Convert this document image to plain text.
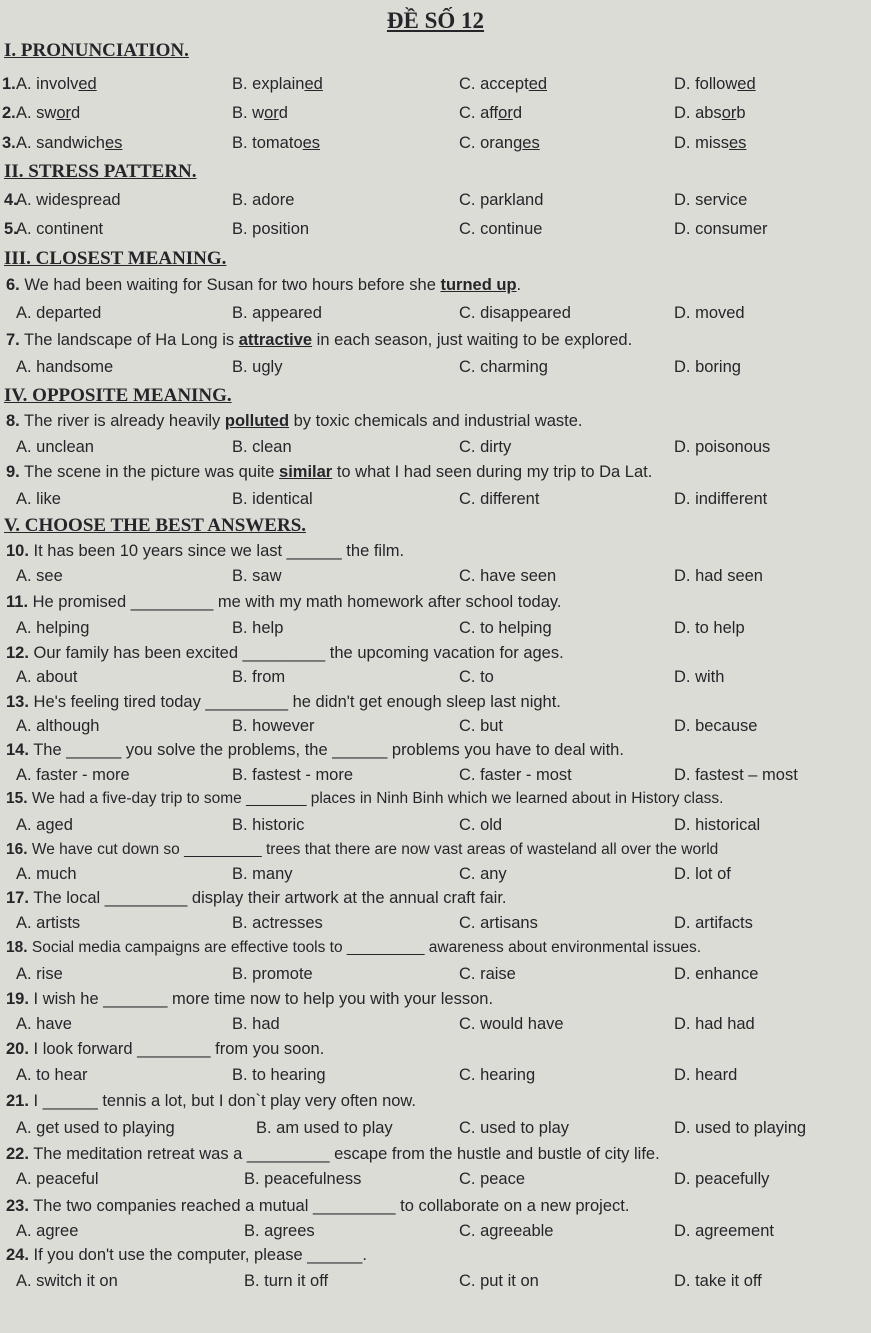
ĐỀ SỐ 12
I. PRONUNCIATION.
1. A. involved	B. explained	C. accepted	D. followed
2. A. sword	B. word	C. afford	D. absorb
3. A. sandwiches	B. tomatoes	C. oranges	D. misses
II. STRESS PATTERN.
4.
A. widespread	B. adore	C. parkland	D. service
5.
A. continent	B. position	C. continue	D. consumer
III. CLOSEST MEANING.
6. We had been waiting for Susan for two hours before she turned up.
A. departed	B. appeared	C. disappeared	D. moved
7. The landscape of Ha Long is attractive in each season, just waiting to be explored.
A. handsome	B. ugly	C. charming	D. boring
IV. OPPOSITE MEANING.
8. The river is already heavily polluted by toxic chemicals and industrial waste.
A. unclean	B. clean	C. dirty	D. poisonous
9. The scene in the picture was quite similar to what I had seen during my trip to Da Lat.
A. like	B. identical	C. different	D. indifferent
V. CHOOSE THE BEST ANSWERS.
10. It has been 10 years since we last ______ the film.
A. see	B. saw	C. have seen	D. had seen
11. He promised _________ me with my math homework after school today.
A. helping	B. help	C. to helping	D. to help
12. Our family has been excited _________ the upcoming vacation for ages.
A. about	B. from	C. to	D. with
13. He's feeling tired today _________ he didn't get enough sleep last night.
A. although	B. however	C. but	D. because
14. The ______ you solve the problems, the ______ problems you have to deal with.
A. faster - more	B. fastest - more	C. faster - most	D. fastest – most
15. We had a five-day trip to some _______ places in Ninh Binh which we learned about in History class.
A. aged	B. historic	C. old	D. historical
16. We have cut down so _________ trees that there are now vast areas of wasteland all over the world
A. much	B. many	C. any	D. lot of
17. The local _________ display their artwork at the annual craft fair.
A. artists	B. actresses	C. artisans	D. artifacts
18. Social media campaigns are effective tools to _________ awareness about environmental issues.
A. rise	B. promote	C. raise	D. enhance
19. I wish he _______ more time now to help you with your lesson.
A. have	B. had	C. would have	D. had had
20. I look forward ________ from you soon.
A. to hear	B. to hearing	C. hearing	D. heard
21. I ______ tennis a lot, but I don`t play very often now.
A. get used to playing	B. am used to play	C. used to play	D. used to playing
22. The meditation retreat was a _________ escape from the hustle and bustle of city life.
A. peaceful	B. peacefulness	C. peace	D. peacefully
23. The two companies reached a mutual _________ to collaborate on a new project.
A. agree	B. agrees	C. agreeable	D. agreement
24. If you don't use the computer, please ______.
A. switch it on	B. turn it off	C. put it on	D. take it off
